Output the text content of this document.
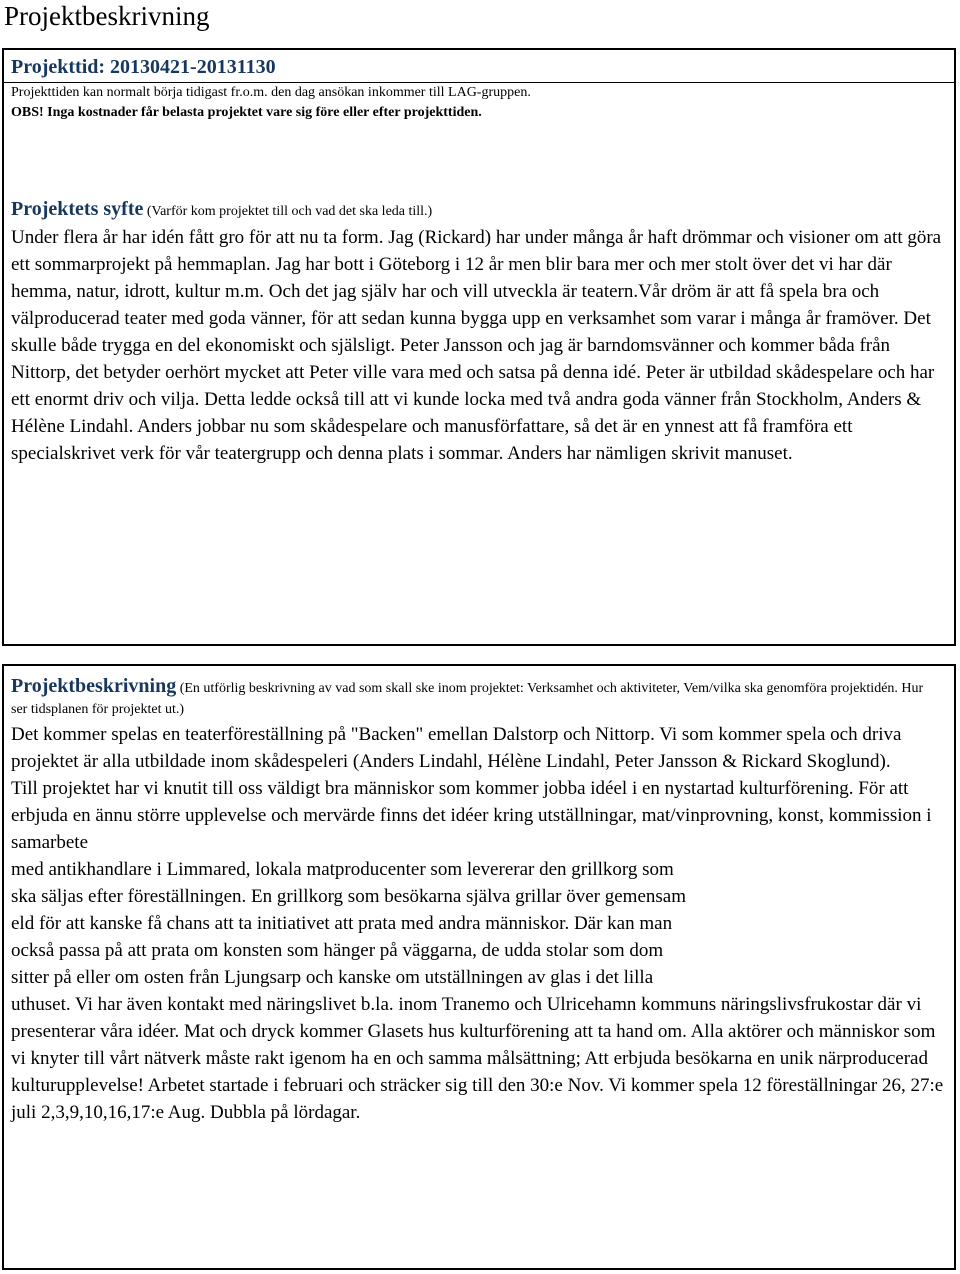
Projektbeskrivning
Projekttid: 20130421-20131130
Projekttiden kan normalt börja tidigast fr.o.m. den dag ansökan inkommer till LAG-gruppen.
OBS! Inga kostnader får belasta projektet vare sig före eller efter projekttiden.
Projektets syfte (Varför kom projektet till och vad det ska leda till.)
Under flera år har idén fått gro för att nu ta form. Jag (Rickard) har under många år haft drömmar och visioner om att göra ett sommarprojekt på hemmaplan. Jag har bott i Göteborg i 12 år men blir bara mer och mer stolt över det vi har där hemma, natur, idrott, kultur m.m. Och det jag själv har och vill utveckla är teatern.Vår dröm är att få spela bra och välproducerad teater med goda vänner, för att sedan kunna bygga upp en verksamhet som varar i många år framöver. Det skulle både trygga en del ekonomiskt och själsligt. Peter Jansson och jag är barndomsvänner och kommer båda från Nittorp, det betyder oerhört mycket att Peter ville vara med och satsa på denna idé. Peter är utbildad skådespelare och har ett enormt driv och vilja. Detta ledde också till att vi kunde locka med två andra goda vänner från Stockholm, Anders & Hélène Lindahl. Anders jobbar nu som skådespelare och manusförfattare, så det är en ynnest att få framföra ett specialskrivet verk för vår teatergrupp och denna plats i sommar. Anders har nämligen skrivit manuset.
Projektbeskrivning (En utförlig beskrivning av vad som skall ske inom projektet: Verksamhet och aktiviteter, Vem/vilka ska genomföra projektidén. Hur ser tidsplanen för projektet ut.)

Det kommer spelas en teaterföreställning på "Backen" emellan Dalstorp och Nittorp. Vi som kommer spela och driva projektet är alla utbildade inom skådespeleri (Anders Lindahl, Hélène Lindahl, Peter Jansson & Rickard Skoglund).

Till projektet har vi knutit till oss väldigt bra människor som kommer jobba idéel i en nystartad kulturförening. För att erbjuda en ännu större upplevelse och mervärde finns det idéer kring utställningar, mat/vinprovning, konst, kommission i samarbete

med antikhandlare i Limmared, lokala matproducenter som levererar den grillkorg som

ska säljas efter föreställningen. En grillkorg som besökarna själva grillar över gemensam

eld för att kanske få chans att ta initiativet att prata med andra människor. Där kan man

också passa på att prata om konsten som hänger på väggarna, de udda stolar som dom

sitter på eller om osten från Ljungsarp och kanske om utställningen av glas i det lilla

uthuset. Vi har även kontakt med näringslivet b.la. inom Tranemo och Ulricehamn kommuns näringslivsfrukostar där vi presenterar våra idéer. Mat och dryck kommer Glasets hus kulturförening att ta hand om. Alla aktörer och människor som vi knyter till vårt nätverk måste rakt igenom ha en och samma målsättning; Att erbjuda besökarna en unik närproducerad kulturupplevelse! Arbetet startade i februari och sträcker sig till den 30:e Nov. Vi kommer spela 12 föreställningar 26, 27:e juli 2,3,9,10,16,17:e Aug. Dubbla på lördagar.
